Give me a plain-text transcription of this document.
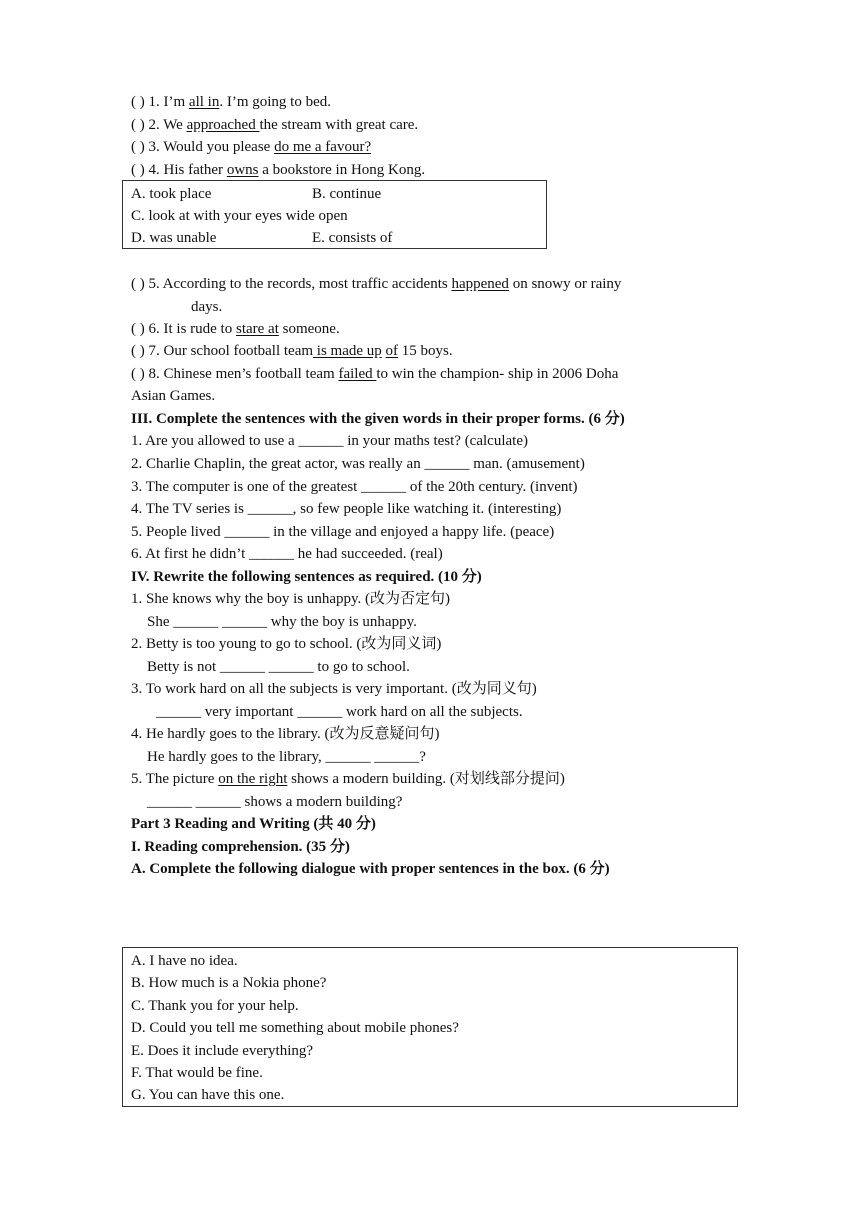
( ) 1. I’m all in. I’m going to bed.
( ) 2. We approached the stream with great care.
( ) 3. Would you please do me a favour?
( ) 4. His father owns a bookstore in Hong Kong.
A. took place	B. continue
C. look at with your eyes wide open
D. was unable	E. consists of
( ) 5. According to the records, most traffic accidents happened on snowy or rainy
days.
( ) 6. It is rude to stare at someone.
( ) 7. Our school football team is made up of 15 boys.
( ) 8. Chinese men’s football team failed to win the champion- ship in 2006 Doha
Asian Games.
III. Complete the sentences with the given words in their proper forms. (6 分)
1. Are you allowed to use a ______ in your maths test? (calculate)
2. Charlie Chaplin, the great actor, was really an ______ man. (amusement)
3. The computer is one of the greatest ______ of the 20th century. (invent)
4. The TV series is ______, so few people like watching it. (interesting)
5. People lived ______ in the village and enjoyed a happy life. (peace)
6. At first he didn’t ______ he had succeeded. (real)
IV. Rewrite the following sentences as required. (10 分)
1. She knows why the boy is unhappy. (改为否定句)
She ______ ______ why the boy is unhappy.
2. Betty is too young to go to school. (改为同义词)
Betty is not ______ ______ to go to school.
3. To work hard on all the subjects is very important. (改为同义句)
______ very important ______ work hard on all the subjects.
4. He hardly goes to the library. (改为反意疑问句)
He hardly goes to the library, ______ ______?
5. The picture on the right shows a modern building. (对划线部分提问)
______ ______ shows a modern building?
Part 3 Reading and Writing (共 40 分)
I. Reading comprehension. (35 分)
A. Complete the following dialogue with proper sentences in the box. (6 分)
A. I have no idea.
B. How much is a Nokia phone?
C. Thank you for your help.
D. Could you tell me something about mobile phones?
E. Does it include everything?
F. That would be fine.
G. You can have this one.
